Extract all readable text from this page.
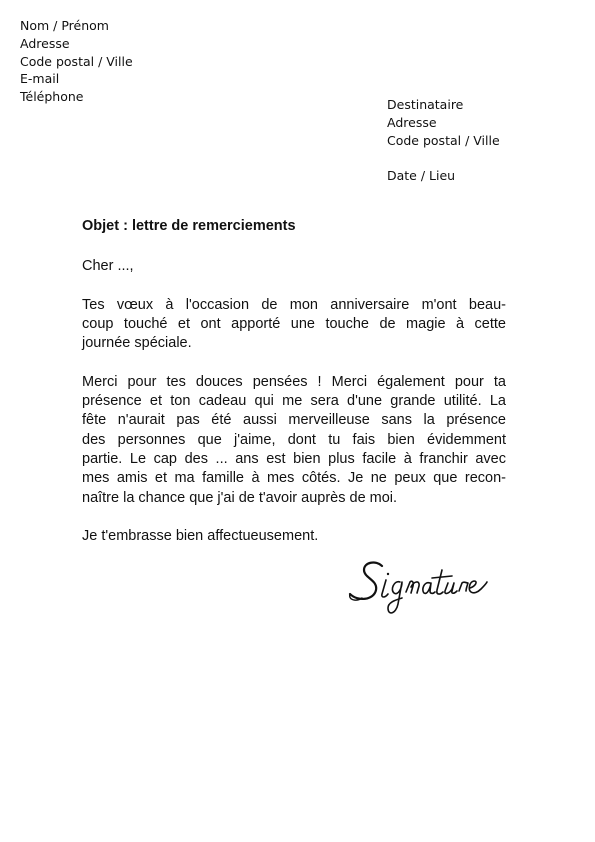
Nom / Prénom
Adresse
Code postal / Ville
E-mail
Téléphone
Destinataire
Adresse
Code postal / Ville
Date / Lieu
Objet : lettre de remerciements

Cher ...,

Tes vœux à l'occasion de mon anniversaire m'ont beau-
coup touché et ont apporté une touche de magie à cette
journée spéciale.

Merci pour tes douces pensées ! Merci également pour ta
présence et ton cadeau qui me sera d'une grande utilité. La
fête n'aurait pas été aussi merveilleuse sans la présence
des personnes que j'aime, dont tu fais bien évidemment
partie. Le cap des ... ans est bien plus facile à franchir avec
mes amis et ma famille à mes côtés. Je ne peux que recon-
naître la chance que j'ai de t'avoir auprès de moi.

Je t'embrasse bien affectueusement.
